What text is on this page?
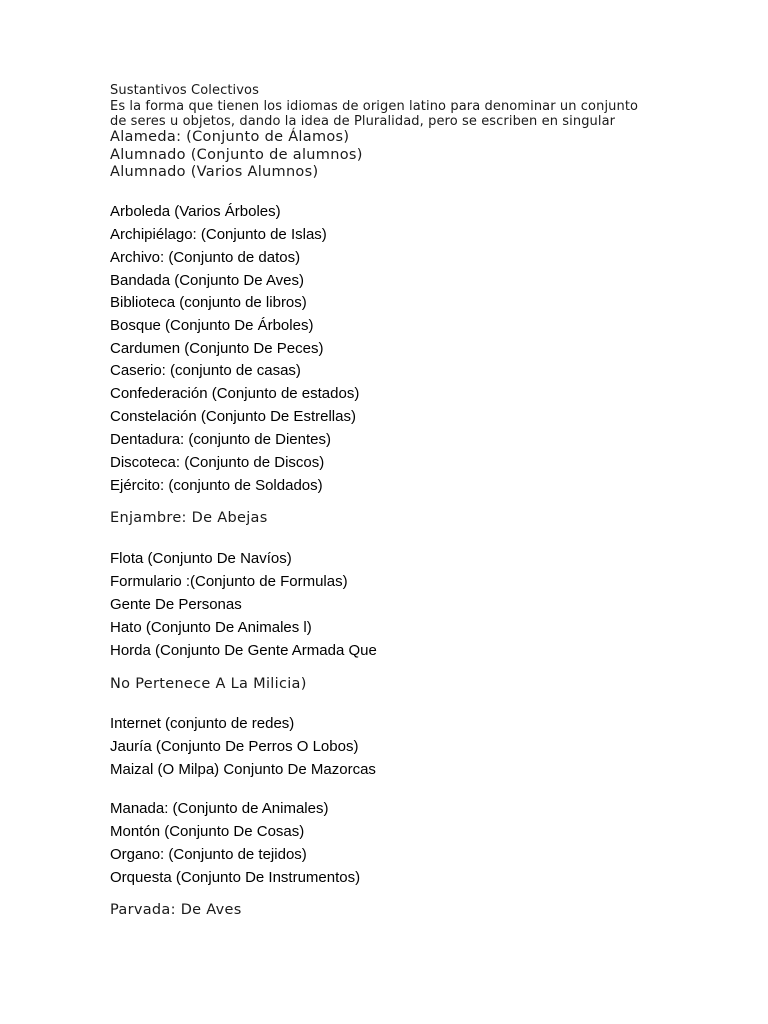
Sustantivos Colectivos

Es la forma que tienen los idiomas de origen latino para denominar un conjunto

de seres u objetos, dando la idea de Pluralidad, pero se escriben en singular

Alameda: (Conjunto de Álamos)

Alumnado (Conjunto de alumnos)

Alumnado (Varios Alumnos)

Arboleda (Varios Árboles)

Archipiélago: (Conjunto de Islas)

Archivo: (Conjunto de datos)

Bandada (Conjunto De Aves)

Biblioteca (conjunto de libros)

Bosque (Conjunto De Árboles)

Cardumen (Conjunto De Peces)

Caserio: (conjunto de casas)

Confederación (Conjunto de estados)

Constelación (Conjunto De Estrellas)

Dentadura: (conjunto de Dientes)

Discoteca: (Conjunto de Discos)

Ejército: (conjunto de Soldados)

Enjambre: De Abejas

Flota (Conjunto De Navíos)

Formulario :(Conjunto de Formulas)

Gente De Personas

Hato (Conjunto De Animales l)

Horda (Conjunto De Gente Armada Que

No Pertenece A La Milicia)

Internet (conjunto de redes)

Jauría (Conjunto De Perros O Lobos)

Maizal (O Milpa) Conjunto De Mazorcas

Manada: (Conjunto de Animales)

Montón (Conjunto De Cosas)

Organo: (Conjunto de tejidos)

Orquesta (Conjunto De Instrumentos)

Parvada: De Aves
